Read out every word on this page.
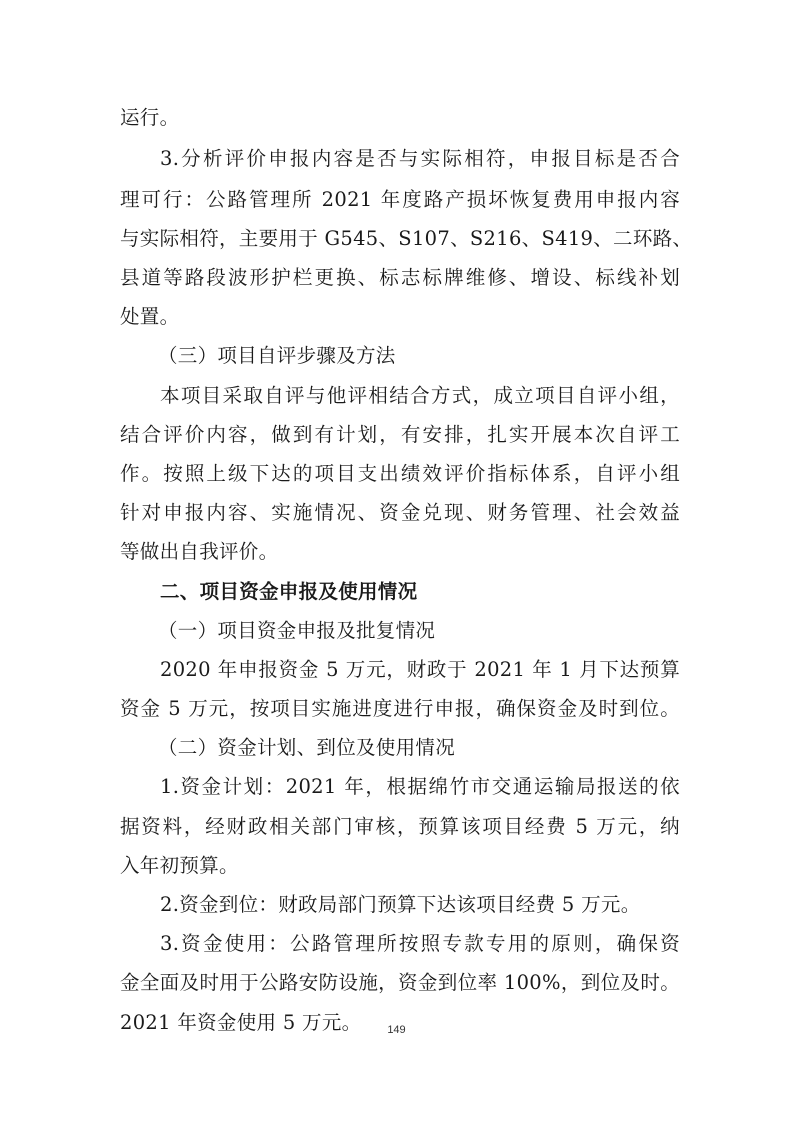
运行。
3.分析评价申报内容是否与实际相符，申报目标是否合
理可行：公路管理所 2021 年度路产损坏恢复费用申报内容
与实际相符，主要用于 G545、S107、S216、S419、二环路、
县道等路段波形护栏更换、标志标牌维修、增设、标线补划
处置。
（三）项目自评步骤及方法
本项目采取自评与他评相结合方式，成立项目自评小组，
结合评价内容，做到有计划，有安排，扎实开展本次自评工
作。按照上级下达的项目支出绩效评价指标体系，自评小组
针对申报内容、实施情况、资金兑现、财务管理、社会效益
等做出自我评价。
二、项目资金申报及使用情况
（一）项目资金申报及批复情况
2020 年申报资金 5 万元，财政于 2021 年 1 月下达预算
资金 5 万元，按项目实施进度进行申报，确保资金及时到位。
（二）资金计划、到位及使用情况
1.资金计划：2021 年，根据绵竹市交通运输局报送的依
据资料，经财政相关部门审核，预算该项目经费 5 万元，纳
入年初预算。
2.资金到位：财政局部门预算下达该项目经费 5 万元。
3.资金使用：公路管理所按照专款专用的原则，确保资
金全面及时用于公路安防设施，资金到位率 100%，到位及时。
2021 年资金使用 5 万元。	149
